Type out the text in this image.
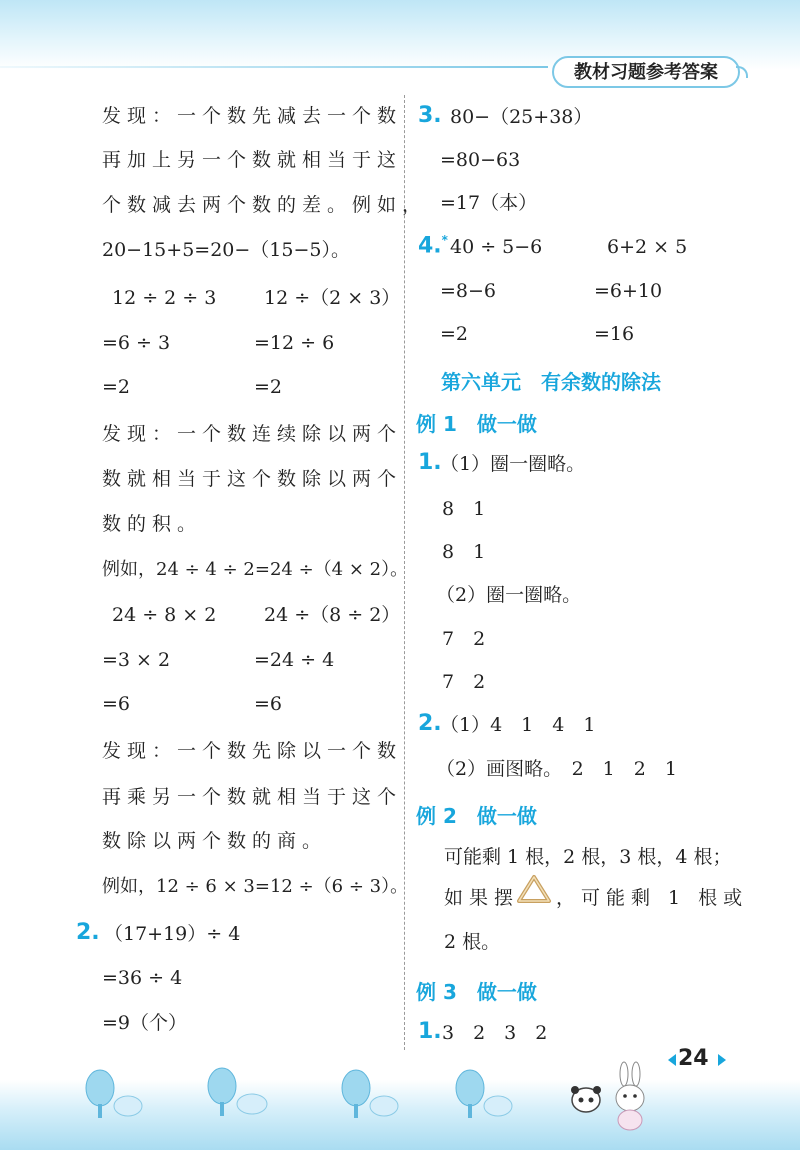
教材习题参考答案
发现：一个数先减去一个数
再加上另一个数就相当于这
个数减去两个数的差。例如，
20−15+5=20−（15−5）。
12 ÷ 2 ÷ 3	12 ÷（2 × 3）
=6 ÷ 3	=12 ÷ 6
=2	=2
发现：一个数连续除以两个
数就相当于这个数除以两个
数的积。
例如，24 ÷ 4 ÷ 2=24 ÷（4 × 2）。
24 ÷ 8 × 2	24 ÷（8 ÷ 2）
=3 × 2	=24 ÷ 4
=6	=6
发现：一个数先除以一个数
再乘另一个数就相当于这个
数除以两个数的商。
例如，12 ÷ 6 × 3=12 ÷（6 ÷ 3）。
2. （17+19）÷ 4
=36 ÷ 4
=9（个）
3. 80−（25+38）
=80−63
=17（本）
4.* 40 ÷ 5−6	6+2 × 5
=8−6	=6+10
=2	=16
第六单元　有余数的除法
例 1　做一做
1.
（1）圈一圈略。
8　1
8　1
（2）圈一圈略。
7　2
7　2
2.
（1）4　1　4　1
（2）画图略。　2　1　2　1
例 2　做一做
可能剩 1 根，2 根，3 根，4 根；
如果摆 ，可能剩 1 根或
2 根。
例 3　做一做
1. 3　2　3　2
24
